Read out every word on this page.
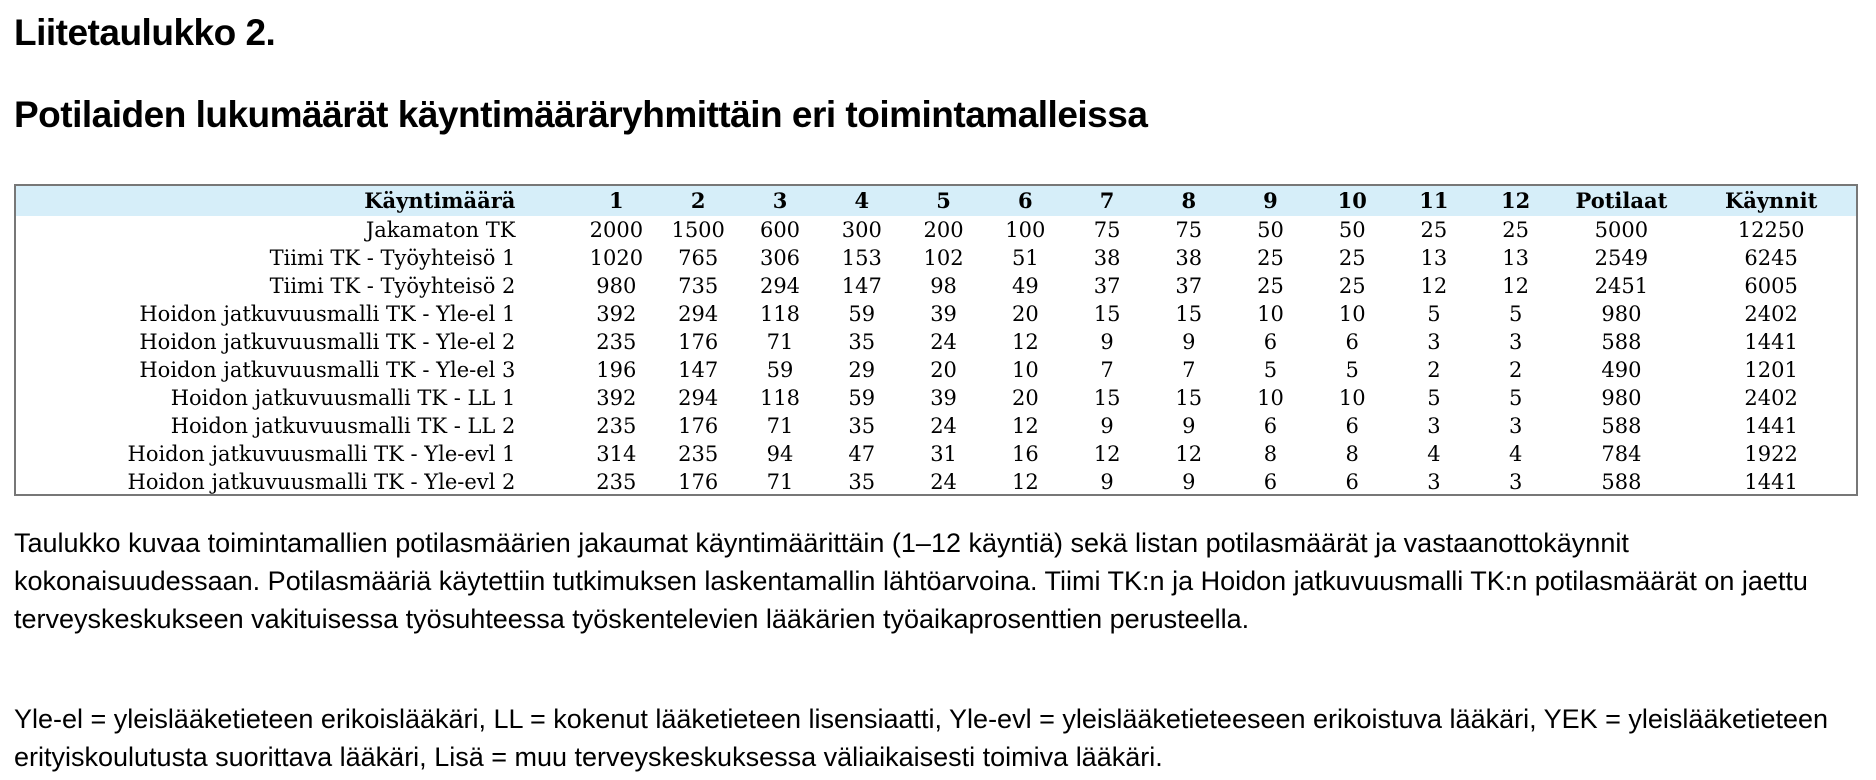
Liitetaulukko 2.
Potilaiden lukumäärät käyntimääräryhmittäin eri toimintamalleissa
Käyntimäärä	1	2	3	4	5	6	7	8	9	10	11	12	Potilaat	Käynnit
Jakamaton TK	2000	1500	600	300	200	100	75	75	50	50	25	25	5000	12250
Tiimi TK - Työyhteisö 1	1020	765	306	153	102	51	38	38	25	25	13	13	2549	6245
Tiimi TK - Työyhteisö 2	980	735	294	147	98	49	37	37	25	25	12	12	2451	6005
Hoidon jatkuvuusmalli TK - Yle-el 1	392	294	118	59	39	20	15	15	10	10	5	5	980	2402
Hoidon jatkuvuusmalli TK - Yle-el 2	235	176	71	35	24	12	9	9	6	6	3	3	588	1441
Hoidon jatkuvuusmalli TK - Yle-el 3	196	147	59	29	20	10	7	7	5	5	2	2	490	1201
Hoidon jatkuvuusmalli TK - LL 1	392	294	118	59	39	20	15	15	10	10	5	5	980	2402
Hoidon jatkuvuusmalli TK - LL 2	235	176	71	35	24	12	9	9	6	6	3	3	588	1441
Hoidon jatkuvuusmalli TK - Yle-evl 1	314	235	94	47	31	16	12	12	8	8	4	4	784	1922
Hoidon jatkuvuusmalli TK - Yle-evl 2	235	176	71	35	24	12	9	9	6	6	3	3	588	1441

Taulukko kuvaa toimintamallien potilasmäärien jakaumat käyntimäärittäin (1–12 käyntiä) sekä listan potilasmäärät ja vastaanottokäynnit kokonaisuudessaan. Potilasmääriä käytettiin tutkimuksen laskentamallin lähtöarvoina. Tiimi TK:n ja Hoidon jatkuvuusmalli TK:n potilasmäärät on jaettu terveyskeskukseen vakituisessa työsuhteessa työskentelevien lääkärien työaikaprosenttien perusteella.

Yle-el = yleislääketieteen erikoislääkäri, LL = kokenut lääketieteen lisensiaatti, Yle-evl = yleislääketieteeseen erikoistuva lääkäri, YEK = yleislääketieteen erityiskoulutusta suorittava lääkäri, Lisä = muu terveyskeskuksessa väliaikaisesti toimiva lääkäri.
